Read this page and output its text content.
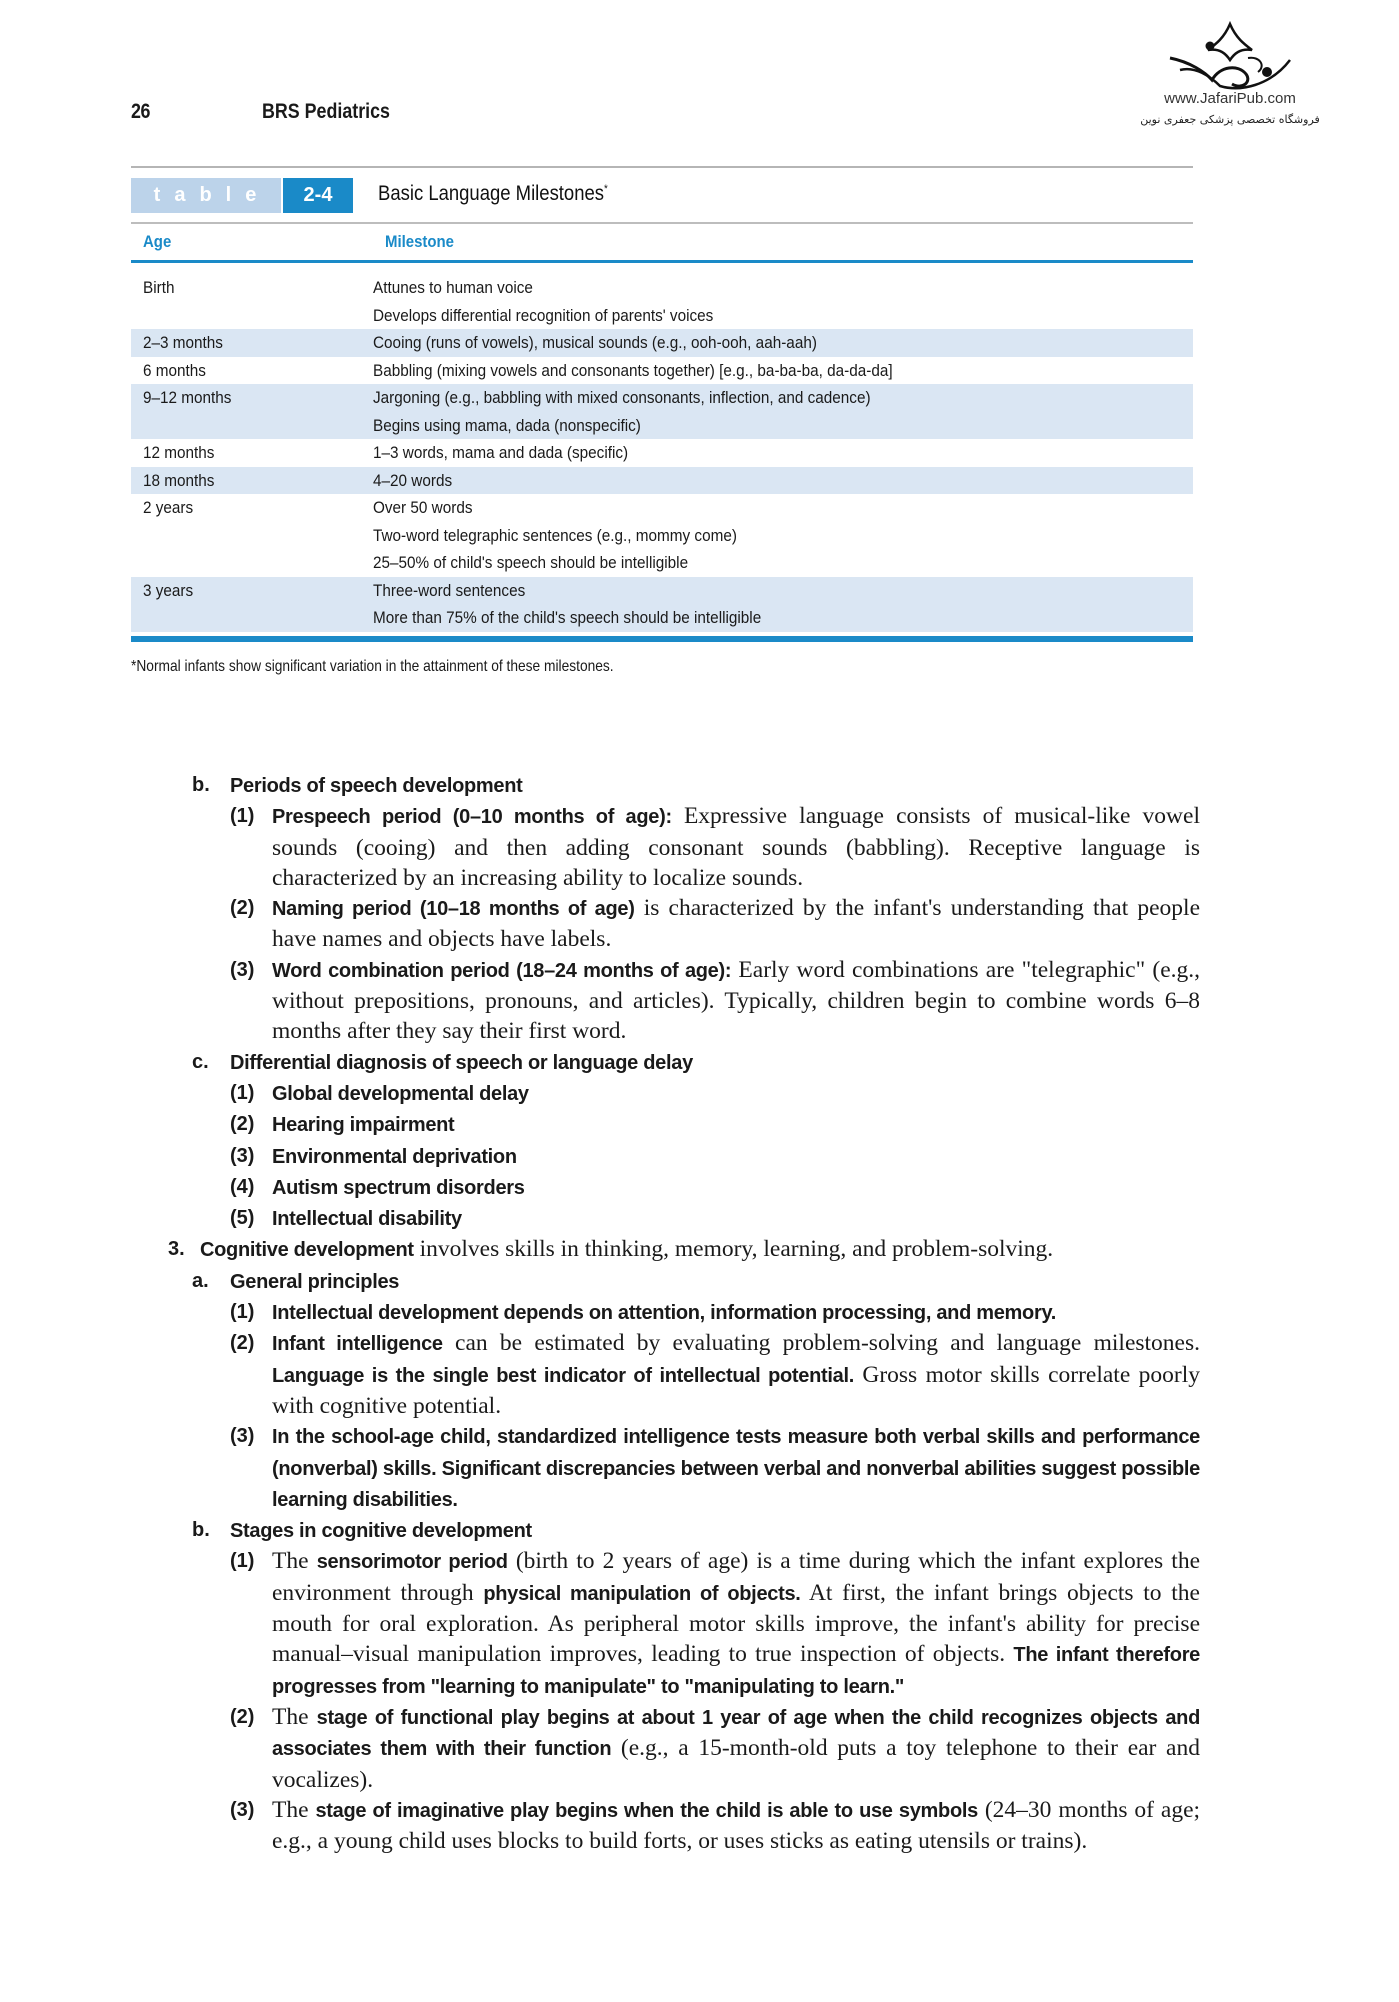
26	BRS Pediatrics
www.JafariPub.com
فروشگاه تخصصی پزشکی جعفری نوین
table 2-4 Basic Language Milestones*
Age	Milestone
Birth	Attunes to human voice
Develops differential recognition of parents' voices
2–3 months	Cooing (runs of vowels), musical sounds (e.g., ooh-ooh, aah-aah)
6 months	Babbling (mixing vowels and consonants together) [e.g., ba-ba-ba, da-da-da]
9–12 months	Jargoning (e.g., babbling with mixed consonants, inflection, and cadence)
Begins using mama, dada (nonspecific)
12 months	1–3 words, mama and dada (specific)
18 months	4–20 words
2 years	Over 50 words
Two-word telegraphic sentences (e.g., mommy come)
25–50% of child's speech should be intelligible
3 years	Three-word sentences
More than 75% of the child's speech should be intelligible
*Normal infants show significant variation in the attainment of these milestones.
b. Periods of speech development
(1) Prespeech period (0–10 months of age): Expressive language consists of musical-like vowel sounds (cooing) and then adding consonant sounds (babbling). Receptive language is characterized by an increasing ability to localize sounds.
(2) Naming period (10–18 months of age) is characterized by the infant's understanding that people have names and objects have labels.
(3) Word combination period (18–24 months of age): Early word combinations are "telegraphic" (e.g., without prepositions, pronouns, and articles). Typically, children begin to combine words 6–8 months after they say their first word.
c. Differential diagnosis of speech or language delay
(1) Global developmental delay
(2) Hearing impairment
(3) Environmental deprivation
(4) Autism spectrum disorders
(5) Intellectual disability
3. Cognitive development involves skills in thinking, memory, learning, and problem-solving.
a. General principles
(1) Intellectual development depends on attention, information processing, and memory.
(2) Infant intelligence can be estimated by evaluating problem-solving and language milestones. Language is the single best indicator of intellectual potential. Gross motor skills correlate poorly with cognitive potential.
(3) In the school-age child, standardized intelligence tests measure both verbal skills and performance (nonverbal) skills. Significant discrepancies between verbal and nonverbal abilities suggest possible learning disabilities.
b. Stages in cognitive development
(1) The sensorimotor period (birth to 2 years of age) is a time during which the infant explores the environment through physical manipulation of objects. At first, the infant brings objects to the mouth for oral exploration. As peripheral motor skills improve, the infant's ability for precise manual–visual manipulation improves, leading to true inspection of objects. The infant therefore progresses from "learning to manipulate" to "manipulating to learn."
(2) The stage of functional play begins at about 1 year of age when the child recognizes objects and associates them with their function (e.g., a 15-month-old puts a toy telephone to their ear and vocalizes).
(3) The stage of imaginative play begins when the child is able to use symbols (24–30 months of age; e.g., a young child uses blocks to build forts, or uses sticks as eating utensils or trains).
